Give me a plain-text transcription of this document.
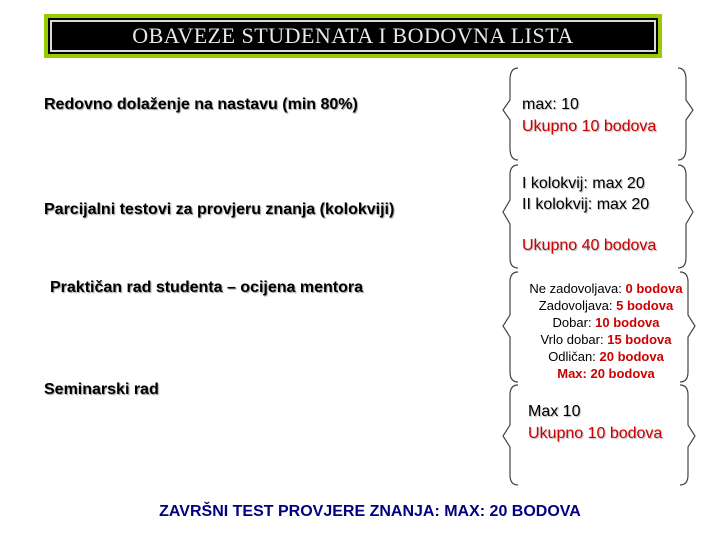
OBAVEZE STUDENATA I BODOVNA LISTA
Redovno dolaženje na nastavu (min 80%)
Parcijalni testovi za provjeru znanja (kolokviji)
Praktičan rad studenta – ocijena mentora
Seminarski rad
max: 10
Ukupno 10 bodova
I kolokvij: max 20
II kolokvij: max 20
Ukupno 40 bodova
Ne zadovoljava: 0 bodova
Zadovoljava: 5 bodova
Dobar: 10 bodova
Vrlo dobar: 15 bodova
Odličan: 20 bodova
Max: 20 bodova
Max 10
Ukupno 10 bodova
ZAVRŠNI TEST PROVJERE ZNANJA: MAX: 20 BODOVA
